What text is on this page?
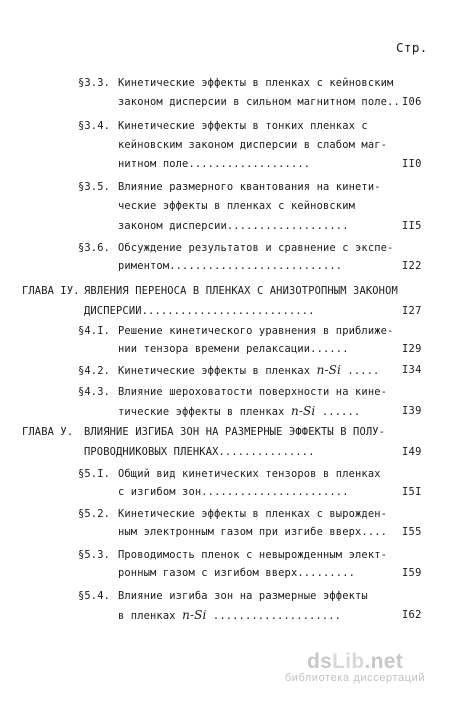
Стр.
§3.3. Кинетические эффекты в пленках с кейновским
законом дисперсии в сильном магнитном поле.. I06
§3.4. Кинетические эффекты в тонких пленках с
кейновским законом дисперсии в слабом маг-
нитном поле...................	II0
§3.5. Влияние размерного квантования на кинети-
ческие эффекты в пленках с кейновским
законом дисперсии...................	II5
§3.6. Обсуждение результатов и сравнение с экспе-
риментом...........................	I22
ГЛАВА IУ. ЯВЛЕНИЯ ПЕРЕНОСА В ПЛЕНКАХ С АНИЗОТРОПНЫМ ЗАКОНОМ
ДИСПЕРСИИ...........................	I27
§4.I. Решение кинетического уравнения в приближе-
нии тензора времени релаксации......	I29
§4.2. Кинетические эффекты в пленках n-Si ..... I34
§4.3. Влияние шероховатости поверхности на кине-
тические эффекты в пленках n-Si ......	I39
ГЛАВА У. ВЛИЯНИЕ ИЗГИБА ЗОН НА РАЗМЕРНЫЕ ЭФФЕКТЫ В ПОЛУ-
ПРОВОДНИКОВЫХ ПЛЕНКАХ...............	I49
§5.I. Общий вид кинетических тензоров в пленках
с изгибом зон.......................	I5I
§5.2. Кинетические эффекты в пленках с вырожден-
ным электронным газом при изгибе вверх.... I55
§5.3. Проводимость пленок с невырожденным элект-
ронным газом с изгибом вверх.........	I59
§5.4. Влияние изгиба зон на размерные эффекты
в пленках n-Si ....................	I62
dsLib.net
библиотека диссертаций
